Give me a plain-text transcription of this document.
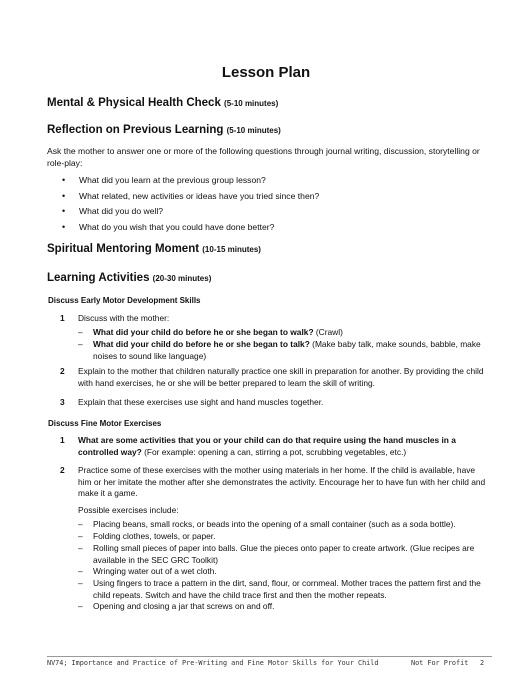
Lesson Plan
Mental & Physical Health Check (5-10 minutes)
Reflection on Previous Learning (5-10 minutes)
Ask the mother to answer one or more of the following questions through journal writing, discussion, storytelling or role-play:
• What did you learn at the previous group lesson?
• What related, new activities or ideas have you tried since then?
• What did you do well?
• What do you wish that you could have done better?
Spiritual Mentoring Moment (10-15 minutes)
Learning Activities (20-30 minutes)
Discuss Early Motor Development Skills
1	Discuss with the mother:
– What did your child do before he or she began to walk? (Crawl)
– What did your child do before he or she began to talk? (Make baby talk, make sounds, babble, make noises to sound like language)
2	Explain to the mother that children naturally practice one skill in preparation for another. By providing the child with hand exercises, he or she will be better prepared to learn the skill of writing.
3	Explain that these exercises use sight and hand muscles together.
Discuss Fine Motor Exercises
1	What are some activities that you or your child can do that require using the hand muscles in a controlled way? (For example: opening a can, stirring a pot, scrubbing vegetables, etc.)
2	Practice some of these exercises with the mother using materials in her home. If the child is available, have him or her imitate the mother after she demonstrates the activity. Encourage her to have fun with her child and make it a game.
Possible exercises include:
– Placing beans, small rocks, or beads into the opening of a small container (such as a soda bottle).
– Folding clothes, towels, or paper.
– Rolling small pieces of paper into balls. Glue the pieces onto paper to create artwork. (Glue recipes are available in the SEC GRC Toolkit)
– Wringing water out of a wet cloth.
– Using fingers to trace a pattern in the dirt, sand, flour, or cornmeal. Mother traces the pattern first and the child repeats. Switch and have the child trace first and then the mother repeats.
– Opening and closing a jar that screws on and off.
NV74; Importance and Practice of Pre-Writing and Fine Motor Skills for Your Child	Not For Profit 2
